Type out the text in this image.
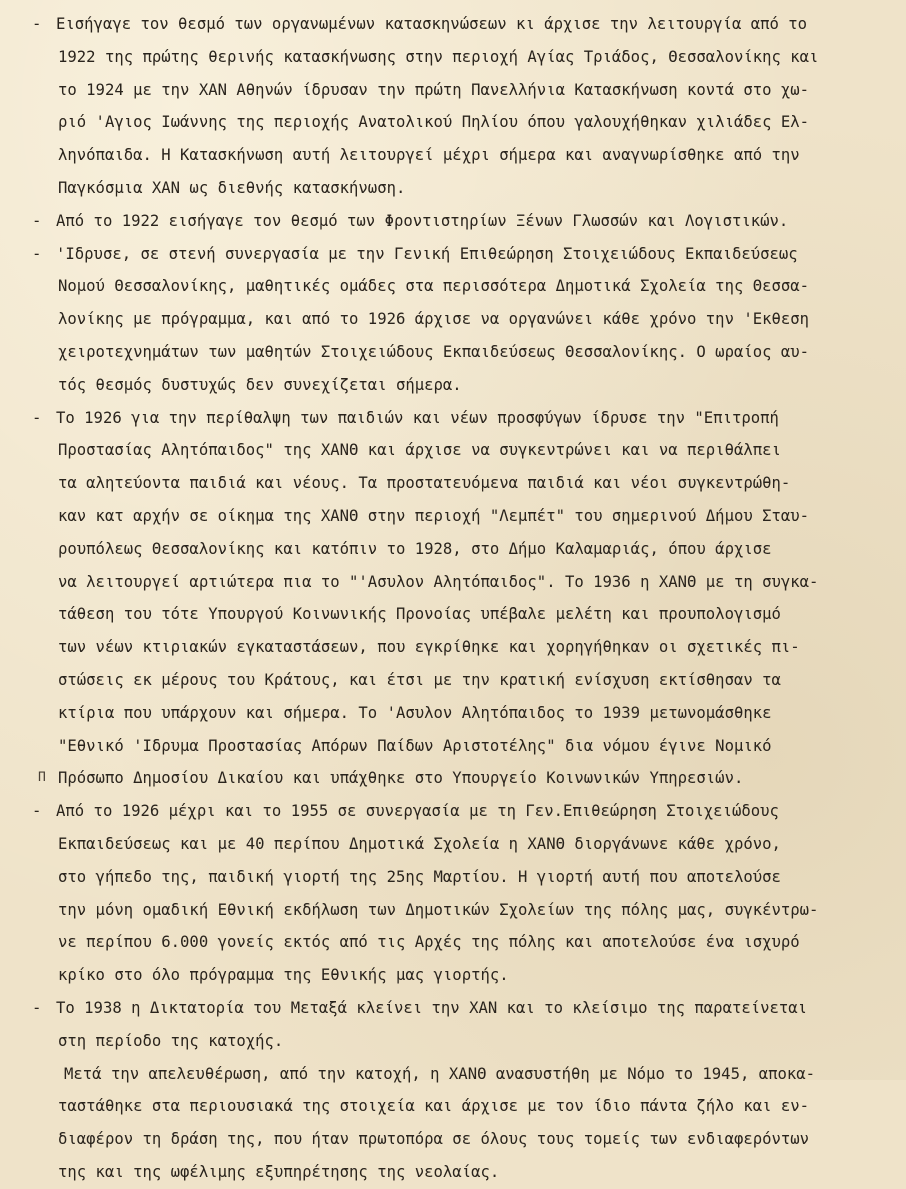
- Εισήγαγε τον θεσμό των οργανωμένων κατασκηνώσεων κι άρχισε την λειτουργία από το
1922 της πρώτης θερινής κατασκήνωσης στην περιοχή Αγίας Τριάδος, Θεσσαλονίκης και
το 1924 με την ΧΑΝ Αθηνών ίδρυσαν την πρώτη Πανελλήνια Κατασκήνωση κοντά στο χω-
ριό 'Αγιος Ιωάννης της περιοχής Ανατολικού Πηλίου όπου γαλουχήθηκαν χιλιάδες Ελ-
ληνόπαιδα. Η Κατασκήνωση αυτή λειτουργεί μέχρι σήμερα και αναγνωρίσθηκε από την
Παγκόσμια ΧΑΝ ως διεθνής κατασκήνωση.
- Από το 1922 εισήγαγε τον θεσμό των Φροντιστηρίων Ξένων Γλωσσών και Λογιστικών.
- 'Ιδρυσε, σε στενή συνεργασία με την Γενική Επιθεώρηση Στοιχειώδους Εκπαιδεύσεως
Νομού Θεσσαλονίκης, μαθητικές ομάδες στα περισσότερα Δημοτικά Σχολεία της Θεσσα-
λονίκης με πρόγραμμα, και από το 1926 άρχισε να οργανώνει κάθε χρόνο την 'Εκθεση
χειροτεχνημάτων των μαθητών Στοιχειώδους Εκπαιδεύσεως Θεσσαλονίκης. Ο ωραίος αυ-
τός θεσμός δυστυχώς δεν συνεχίζεται σήμερα.
-
Π
Το 1926 για την περίθαλψη των παιδιών και νέων προσφύγων ίδρυσε την "Επιτροπή
Προστασίας Αλητόπαιδος" της ΧΑΝΘ και άρχισε να συγκεντρώνει και να περιθάλπει
τα αλητεύοντα παιδιά και νέους. Τα προστατευόμενα παιδιά και νέοι συγκεντρώθη-
καν κατ αρχήν σε οίκημα της ΧΑΝΘ στην περιοχή "Λεμπέτ" του σημερινού Δήμου Σταυ-
ρουπόλεως Θεσσαλονίκης και κατόπιν το 1928, στο Δήμο Καλαμαριάς, όπου άρχισε
να λειτουργεί αρτιώτερα πια το "'Ασυλον Αλητόπαιδος". Το 1936 η ΧΑΝΘ με τη συγκα-
τάθεση του τότε Υπουργού Κοινωνικής Προνοίας υπέβαλε μελέτη και προυπολογισμό
των νέων κτιριακών εγκαταστάσεων, που εγκρίθηκε και χορηγήθηκαν οι σχετικές πι-
στώσεις εκ μέρους του Κράτους, και έτσι με την κρατική ενίσχυση εκτίσθησαν τα
κτίρια που υπάρχουν και σήμερα. Το 'Ασυλον Αλητόπαιδος το 1939 μετωνομάσθηκε
"Εθνικό 'Ιδρυμα Προστασίας Απόρων Παίδων Αριστοτέλης" δια νόμου έγινε Νομικό
Πρόσωπο Δημοσίου Δικαίου και υπάχθηκε στο Υπουργείο Κοινωνικών Υπηρεσιών.
- Από το 1926 μέχρι και το 1955 σε συνεργασία με τη Γεν.Επιθεώρηση Στοιχειώδους
Εκπαιδεύσεως και με 40 περίπου Δημοτικά Σχολεία η ΧΑΝΘ διοργάνωνε κάθε χρόνο,
στο γήπεδο της, παιδική γιορτή της 25ης Μαρτίου. Η γιορτή αυτή που αποτελούσε
την μόνη ομαδική Εθνική εκδήλωση των Δημοτικών Σχολείων της πόλης μας, συγκέντρω-
νε περίπου 6.000 γονείς εκτός από τις Αρχές της πόλης και αποτελούσε ένα ισχυρό
κρίκο στο όλο πρόγραμμα της Εθνικής μας γιορτής.
- Το 1938 η Δικτατορία του Μεταξά κλείνει την ΧΑΝ και το κλείσιμο της παρατείνεται
στη περίοδο της κατοχής.
Μετά την απελευθέρωση, από την κατοχή, η ΧΑΝΘ ανασυστήθη με Νόμο το 1945, αποκα-
ταστάθηκε στα περιουσιακά της στοιχεία και άρχισε με τον ίδιο πάντα ζήλο και εν-
διαφέρον τη δράση της, που ήταν πρωτοπόρα σε όλους τους τομείς των ενδιαφερόντων
της και της ωφέλιμης εξυπηρέτησης της νεολαίας.
